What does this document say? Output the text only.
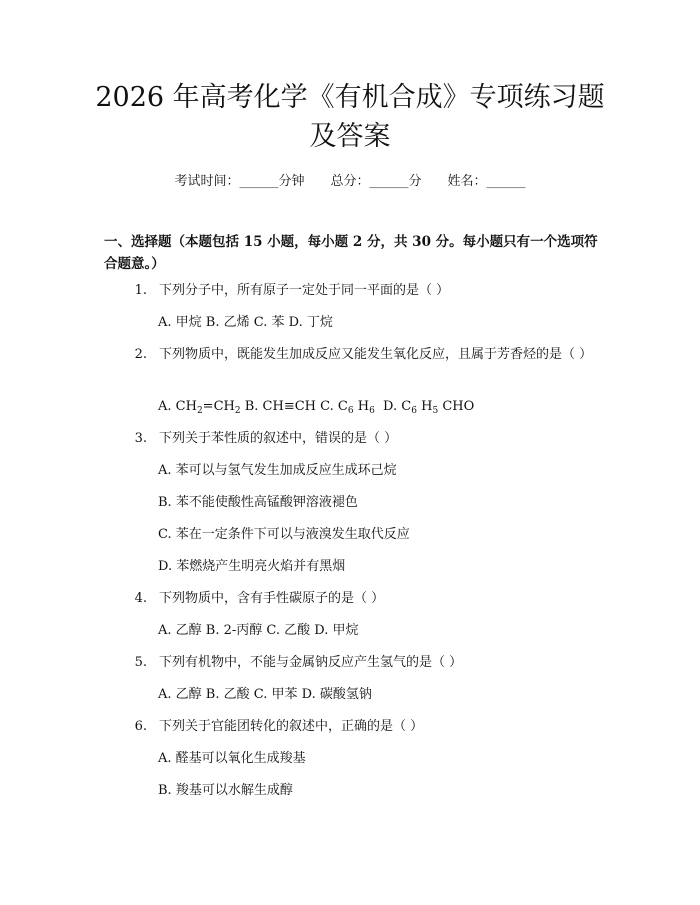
2026 年高考化学《有机合成》专项练习题及答案
考试时间：______分钟 总分：______分 姓名：______
一、选择题（本题包括 15 小题，每小题 2 分，共 30 分。每小题只有一个选项符合题意。）
1. 下列分子中，所有原子一定处于同一平面的是（ ）
A. 甲烷 B. 乙烯 C. 苯 D. 丁烷
2. 下列物质中，既能发生加成反应又能发生氧化反应，且属于芳香烃的是（ ）
A. $CH_2=CH_2$ B. CH≡CH C. $C_6$ $H_6$  D. $C_6$ $H_5$ CHO
3. 下列关于苯性质的叙述中，错误的是（ ）
A. 苯可以与氢气发生加成反应生成环己烷
B. 苯不能使酸性高锰酸钾溶液褪色
C. 苯在一定条件下可以与液溴发生取代反应
D. 苯燃烧产生明亮火焰并有黑烟
4. 下列物质中，含有手性碳原子的是（ ）
A. 乙醇 B. 2-丙醇 C. 乙酸 D. 甲烷
5. 下列有机物中，不能与金属钠反应产生氢气的是（ ）
A. 乙醇 B. 乙酸 C. 甲苯 D. 碳酸氢钠
6. 下列关于官能团转化的叙述中，正确的是（ ）
A. 醛基可以氧化生成羧基
B. 羧基可以水解生成醇
